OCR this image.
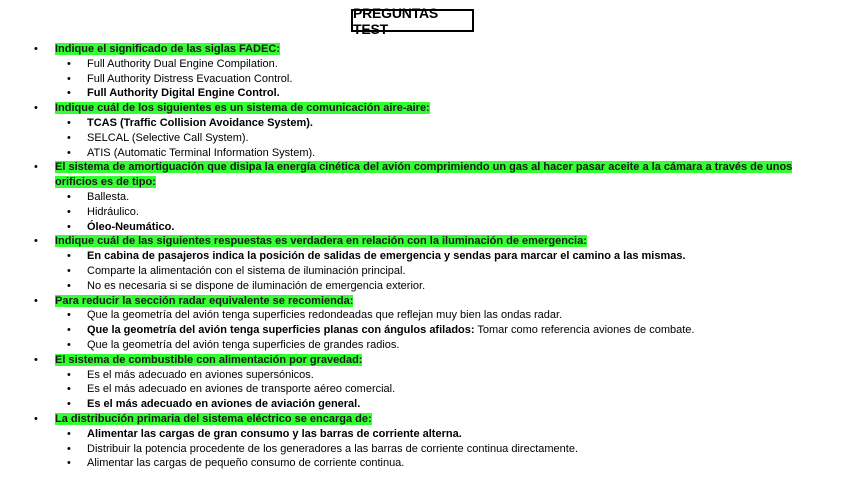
PREGUNTAS TEST
• Indique el significado de las siglas FADEC:
• Full Authority Dual Engine Compilation.
• Full Authority Distress Evacuation Control.
• Full Authority Digital Engine Control.
• Indique cuál de los siguientes es un sistema de comunicación aire-aire:
• TCAS (Traffic Collision Avoidance System).
• SELCAL (Selective Call System).
• ATIS (Automatic Terminal Information System).
• El sistema de amortiguación que disipa la energía cinética del avión comprimiendo un gas al hacer pasar aceite a la cámara a través de unos orificios es de tipo:
• Ballesta.
• Hidráulico.
• Óleo-Neumático.
• Indique cuál de las siguientes respuestas es verdadera en relación con la iluminación de emergencia:
• En cabina de pasajeros indica la posición de salidas de emergencia y sendas para marcar el camino a las mismas.
• Comparte la alimentación con el sistema de iluminación principal.
• No es necesaria si se dispone de iluminación de emergencia exterior.
• Para reducir la sección radar equivalente se recomienda:
• Que la geometría del avión tenga superficies redondeadas que reflejan muy bien las ondas radar.
• Que la geometría del avión tenga superficies planas con ángulos afilados: Tomar como referencia aviones de combate.
• Que la geometría del avión tenga superficies de grandes radios.
• El sistema de combustible con alimentación por gravedad:
• Es el más adecuado en aviones supersónicos.
• Es el más adecuado en aviones de transporte aéreo comercial.
• Es el más adecuado en aviones de aviación general.
• La distribución primaria del sistema eléctrico se encarga de:
• Alimentar las cargas de gran consumo y las barras de corriente alterna.
• Distribuir la potencia procedente de los generadores a las barras de corriente continua directamente.
• Alimentar las cargas de pequeño consumo de corriente continua.
